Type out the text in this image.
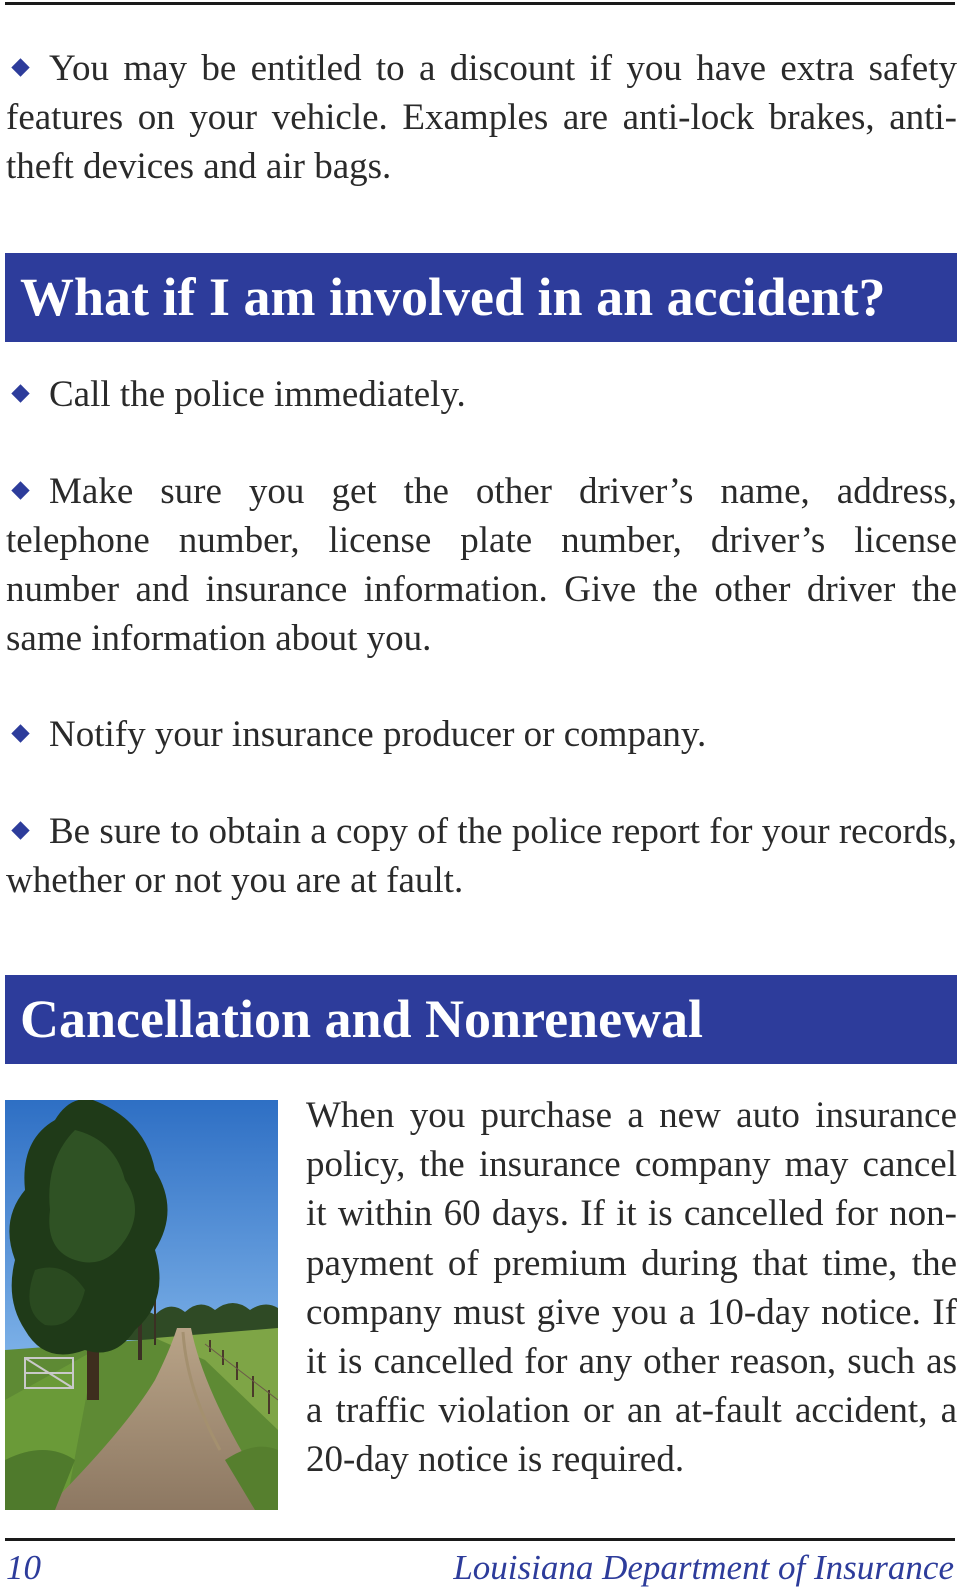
You may be entitled to a discount if you have extra safety features on your vehicle. Examples are anti-lock brakes, anti-theft devices and air bags.

What if I am involved in an accident?

Call the police immediately.

Make sure you get the other driver’s name, address, telephone number, license plate number, driver’s license number and insurance information. Give the other driver the same information about you.

Notify your insurance producer or company.

Be sure to obtain a copy of the police report for your records, whether or not you are at fault.

Cancellation and Nonrenewal

When you purchase a new auto insurance policy, the insurance company may cancel it within 60 days. If it is cancelled for non-payment of premium during that time, the company must give you a 10-day notice. If it is cancelled for any other reason, such as a traffic violation or an at-fault accident, a 20-day notice is required.

10	Louisiana Department of Insurance
